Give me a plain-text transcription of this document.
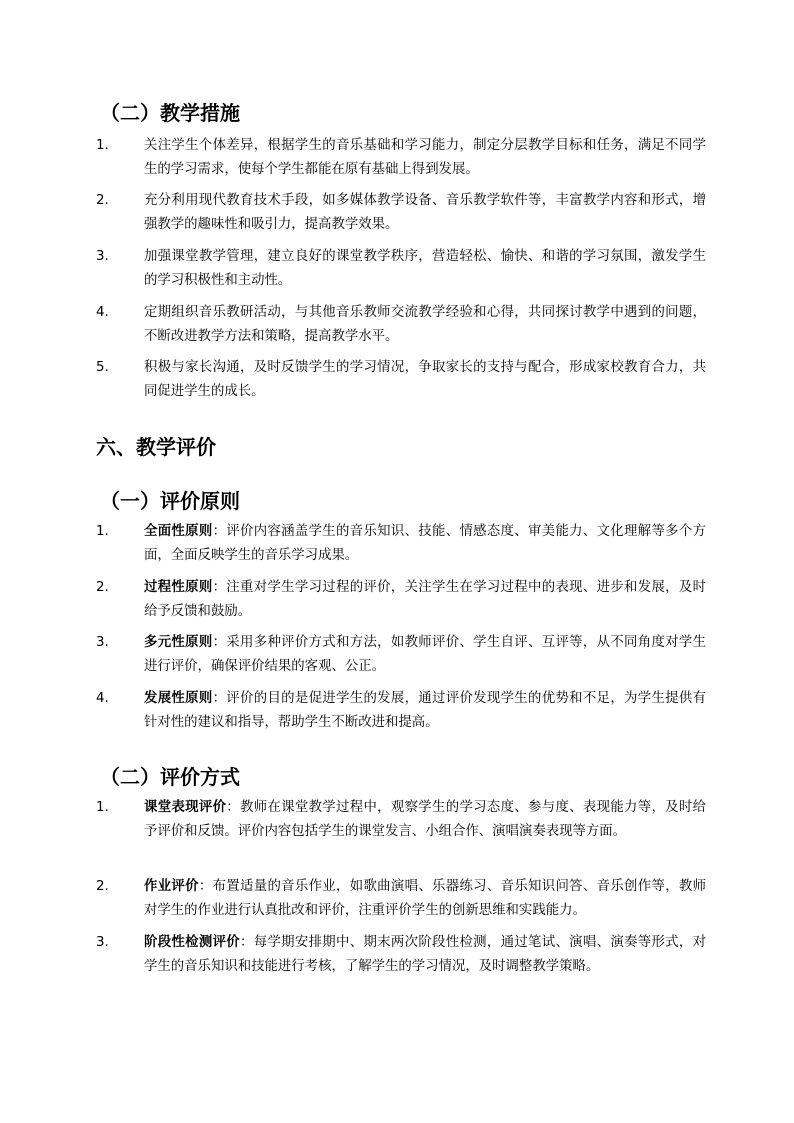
（二）教学措施
1.	关注学生个体差异，根据学生的音乐基础和学习能力，制定分层教学目标和任务，满足不同学生的学习需求，使每个学生都能在原有基础上得到发展。
2.	充分利用现代教育技术手段，如多媒体教学设备、音乐教学软件等，丰富教学内容和形式，增强教学的趣味性和吸引力，提高教学效果。
3.	加强课堂教学管理，建立良好的课堂教学秩序，营造轻松、愉快、和谐的学习氛围，激发学生的学习积极性和主动性。
4.	定期组织音乐教研活动，与其他音乐教师交流教学经验和心得，共同探讨教学中遇到的问题，不断改进教学方法和策略，提高教学水平。
5.	积极与家长沟通，及时反馈学生的学习情况，争取家长的支持与配合，形成家校教育合力，共同促进学生的成长。
六、教学评价
（一）评价原则
1.	全面性原则：评价内容涵盖学生的音乐知识、技能、情感态度、审美能力、文化理解等多个方面，全面反映学生的音乐学习成果。
2.	过程性原则：注重对学生学习过程的评价，关注学生在学习过程中的表现、进步和发展，及时给予反馈和鼓励。
3.	多元性原则：采用多种评价方式和方法，如教师评价、学生自评、互评等，从不同角度对学生进行评价，确保评价结果的客观、公正。
4.	发展性原则：评价的目的是促进学生的发展，通过评价发现学生的优势和不足，为学生提供有针对性的建议和指导，帮助学生不断改进和提高。
（二）评价方式
1.	课堂表现评价：教师在课堂教学过程中，观察学生的学习态度、参与度、表现能力等，及时给予评价和反馈。评价内容包括学生的课堂发言、小组合作、演唱演奏表现等方面。
2.	作业评价：布置适量的音乐作业，如歌曲演唱、乐器练习、音乐知识问答、音乐创作等，教师对学生的作业进行认真批改和评价，注重评价学生的创新思维和实践能力。
3.	阶段性检测评价：每学期安排期中、期末两次阶段性检测，通过笔试、演唱、演奏等形式，对学生的音乐知识和技能进行考核，了解学生的学习情况，及时调整教学策略。
